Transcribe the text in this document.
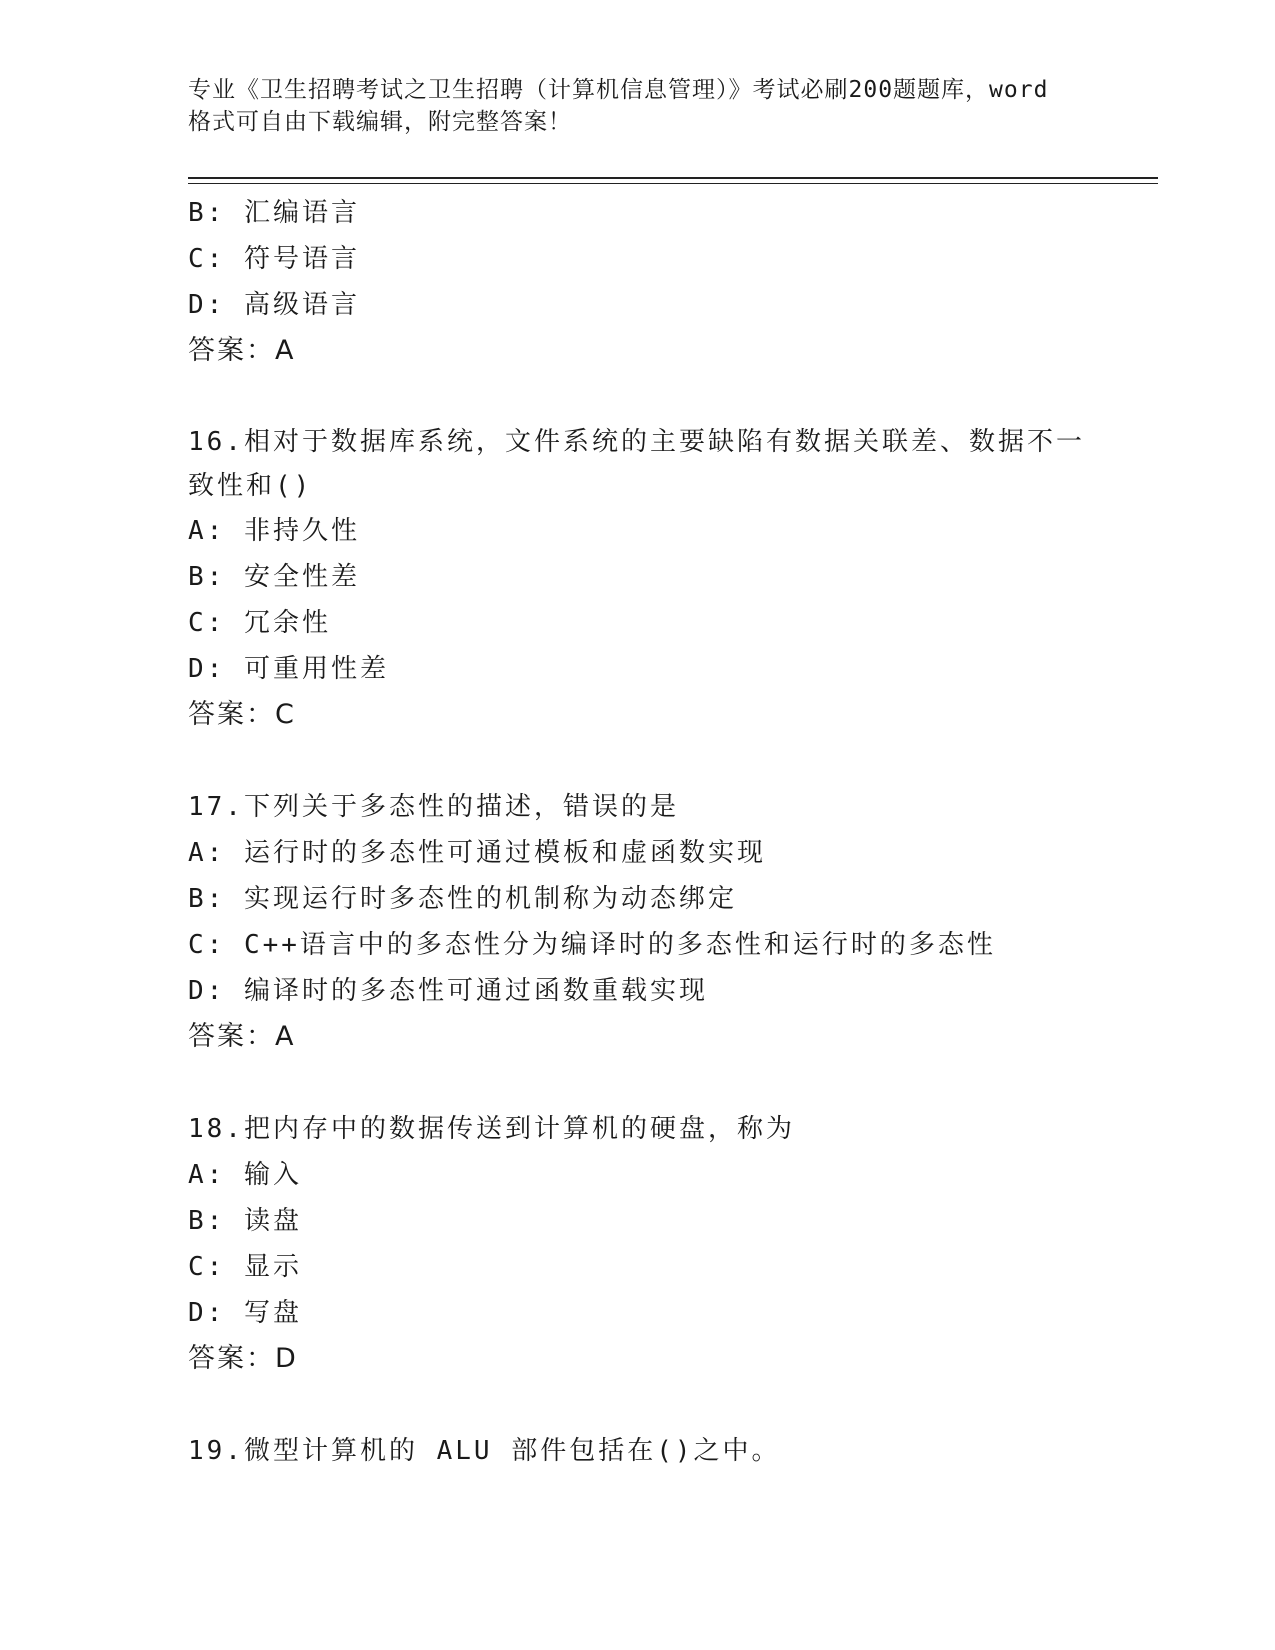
专业《卫生招聘考试之卫生招聘（计算机信息管理）》考试必刷200题题库，word
格式可自由下载编辑，附完整答案！
B: 汇编语言
C: 符号语言
D: 高级语言
答案：A
16.相对于数据库系统，文件系统的主要缺陷有数据关联差、数据不一
致性和()
A: 非持久性
B: 安全性差
C: 冗余性
D: 可重用性差
答案：C
17.下列关于多态性的描述，错误的是
A: 运行时的多态性可通过模板和虚函数实现
B: 实现运行时多态性的机制称为动态绑定
C: C++语言中的多态性分为编译时的多态性和运行时的多态性
D: 编译时的多态性可通过函数重载实现
答案：A
18.把内存中的数据传送到计算机的硬盘，称为
A: 输入
B: 读盘
C: 显示
D: 写盘
答案：D
19.微型计算机的 ALU 部件包括在()之中。
